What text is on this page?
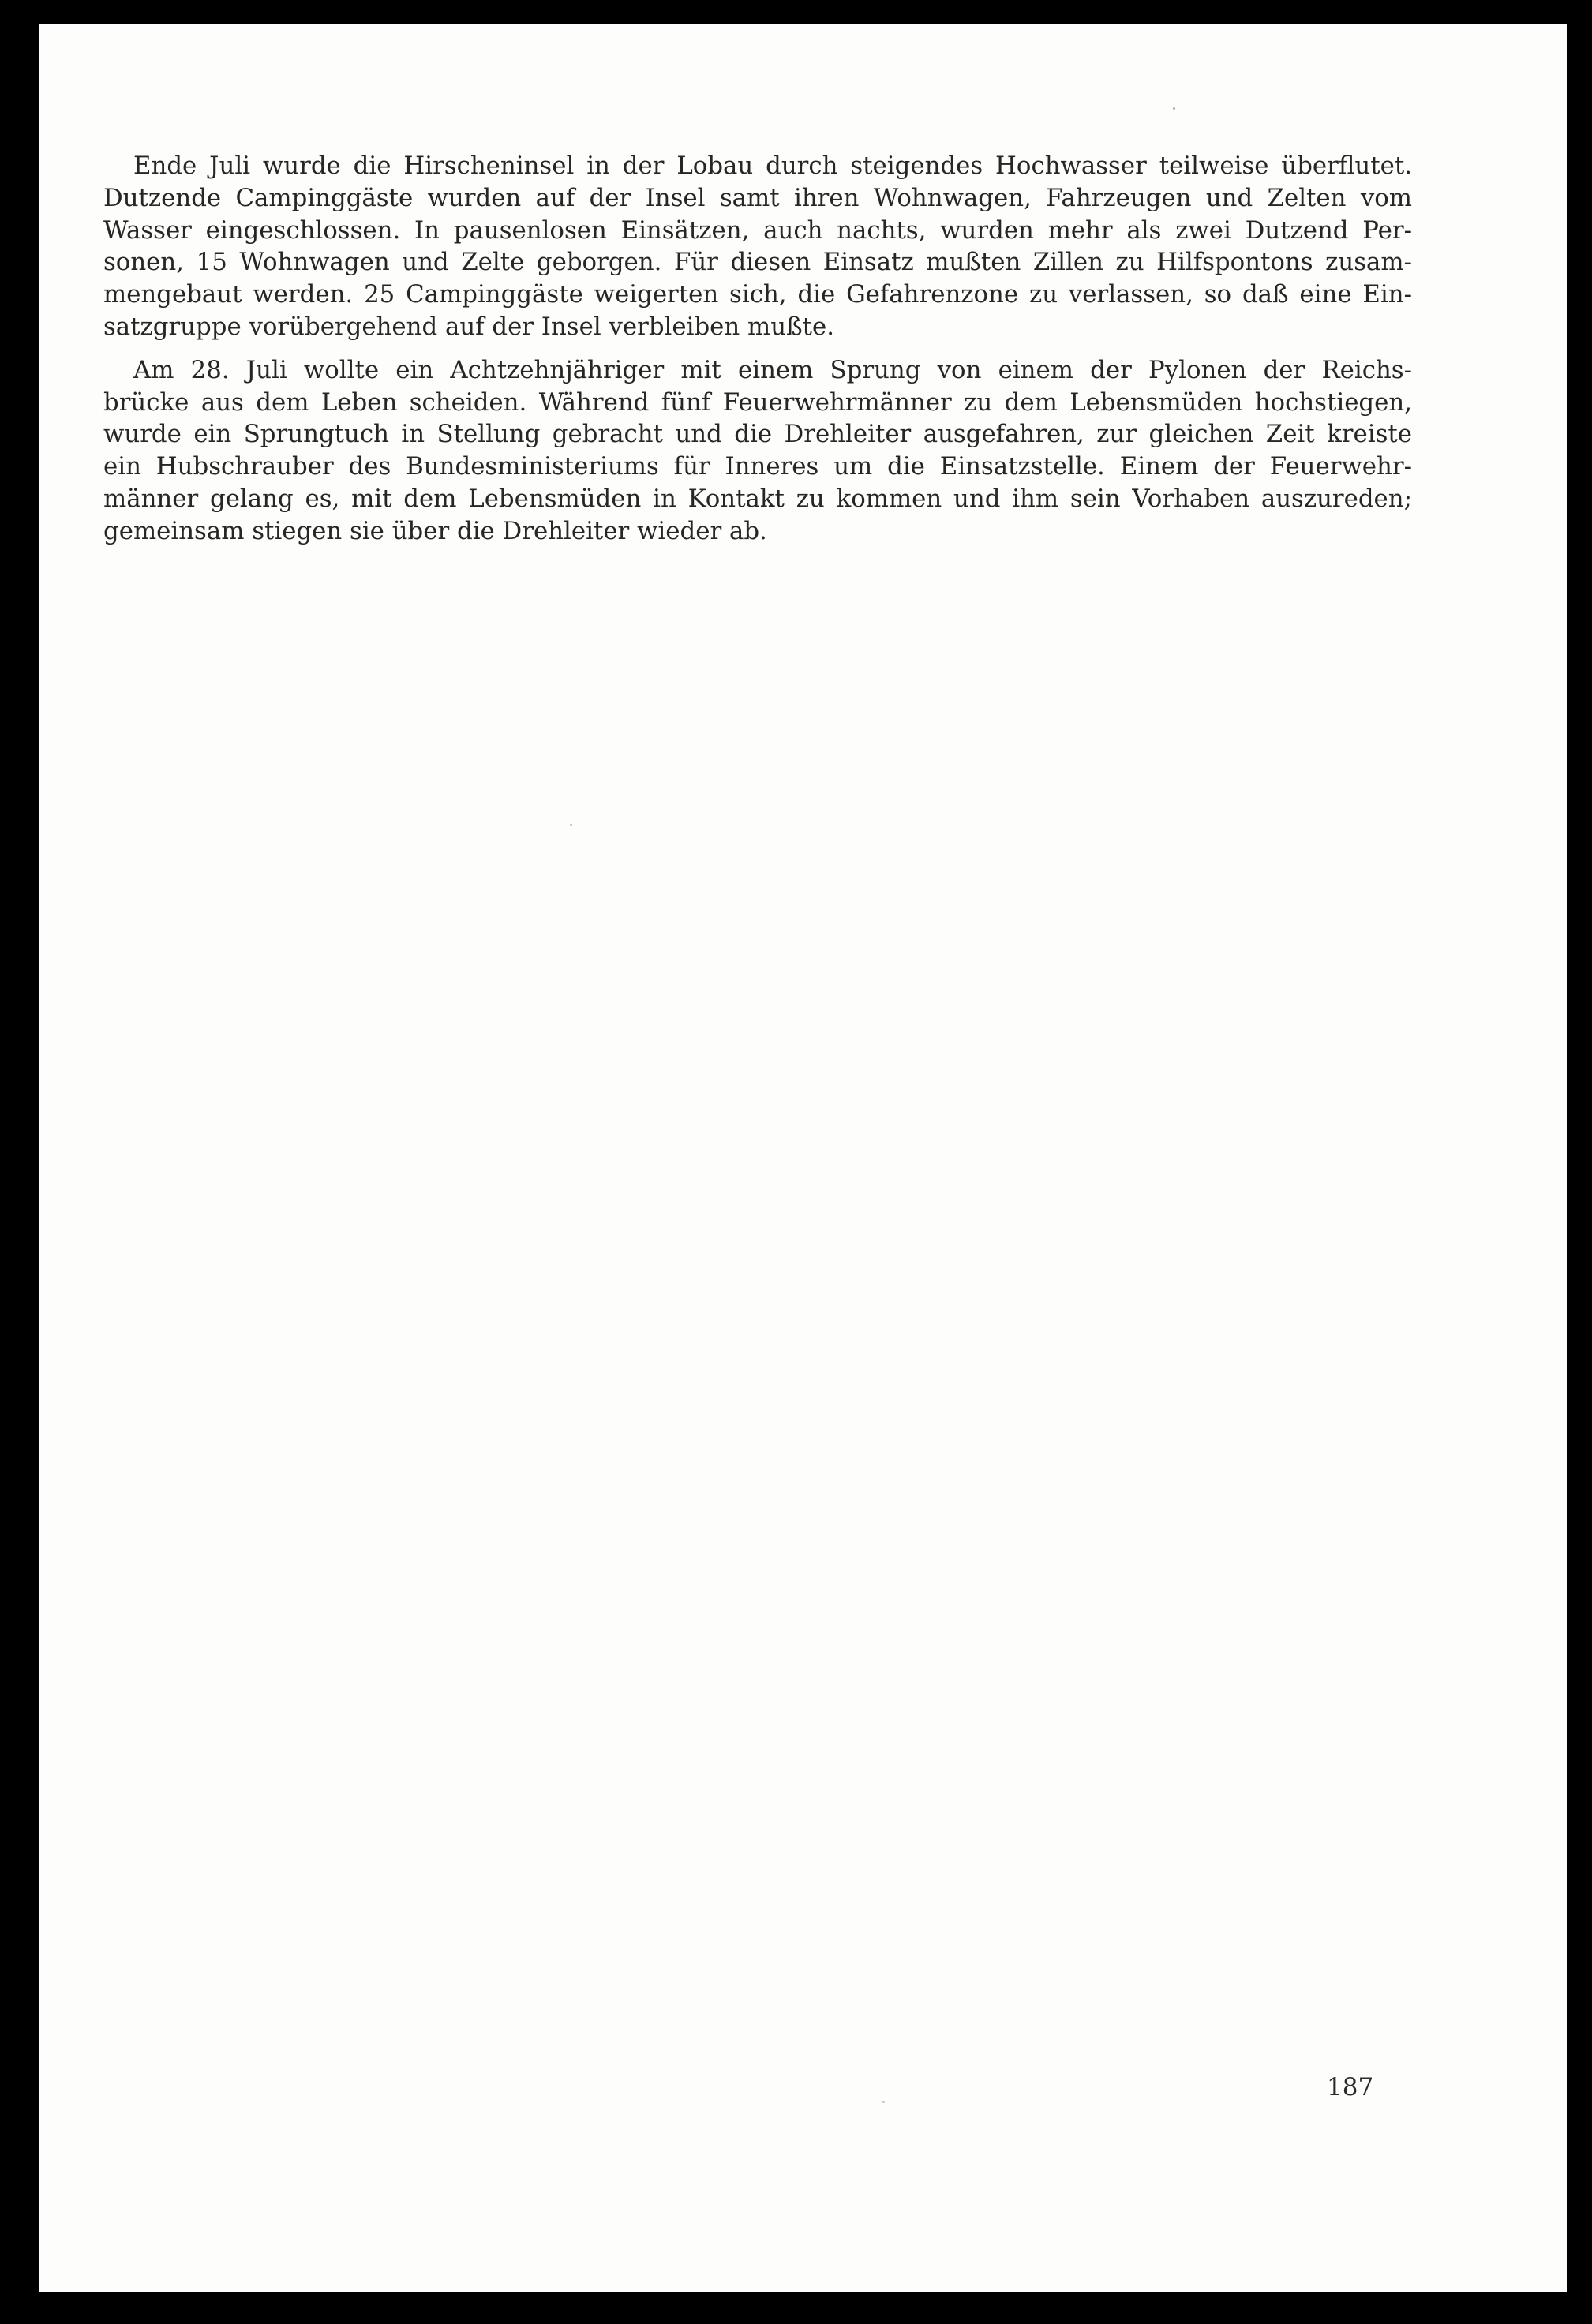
Ende Juli wurde die Hirscheninsel in der Lobau durch steigendes Hochwasser teilweise überflutet.
Dutzende Campinggäste wurden auf der Insel samt ihren Wohnwagen, Fahrzeugen und Zelten vom
Wasser eingeschlossen. In pausenlosen Einsätzen, auch nachts, wurden mehr als zwei Dutzend Per-
sonen, 15 Wohnwagen und Zelte geborgen. Für diesen Einsatz mußten Zillen zu Hilfspontons zusam-
mengebaut werden. 25 Campinggäste weigerten sich, die Gefahrenzone zu verlassen, so daß eine Ein-
satzgruppe vorübergehend auf der Insel verbleiben mußte.

Am 28. Juli wollte ein Achtzehnjähriger mit einem Sprung von einem der Pylonen der Reichs-
brücke aus dem Leben scheiden. Während fünf Feuerwehrmänner zu dem Lebensmüden hochstiegen,
wurde ein Sprungtuch in Stellung gebracht und die Drehleiter ausgefahren, zur gleichen Zeit kreiste
ein Hubschrauber des Bundesministeriums für Inneres um die Einsatzstelle. Einem der Feuerwehr-
männer gelang es, mit dem Lebensmüden in Kontakt zu kommen und ihm sein Vorhaben auszureden;
gemeinsam stiegen sie über die Drehleiter wieder ab.

187
